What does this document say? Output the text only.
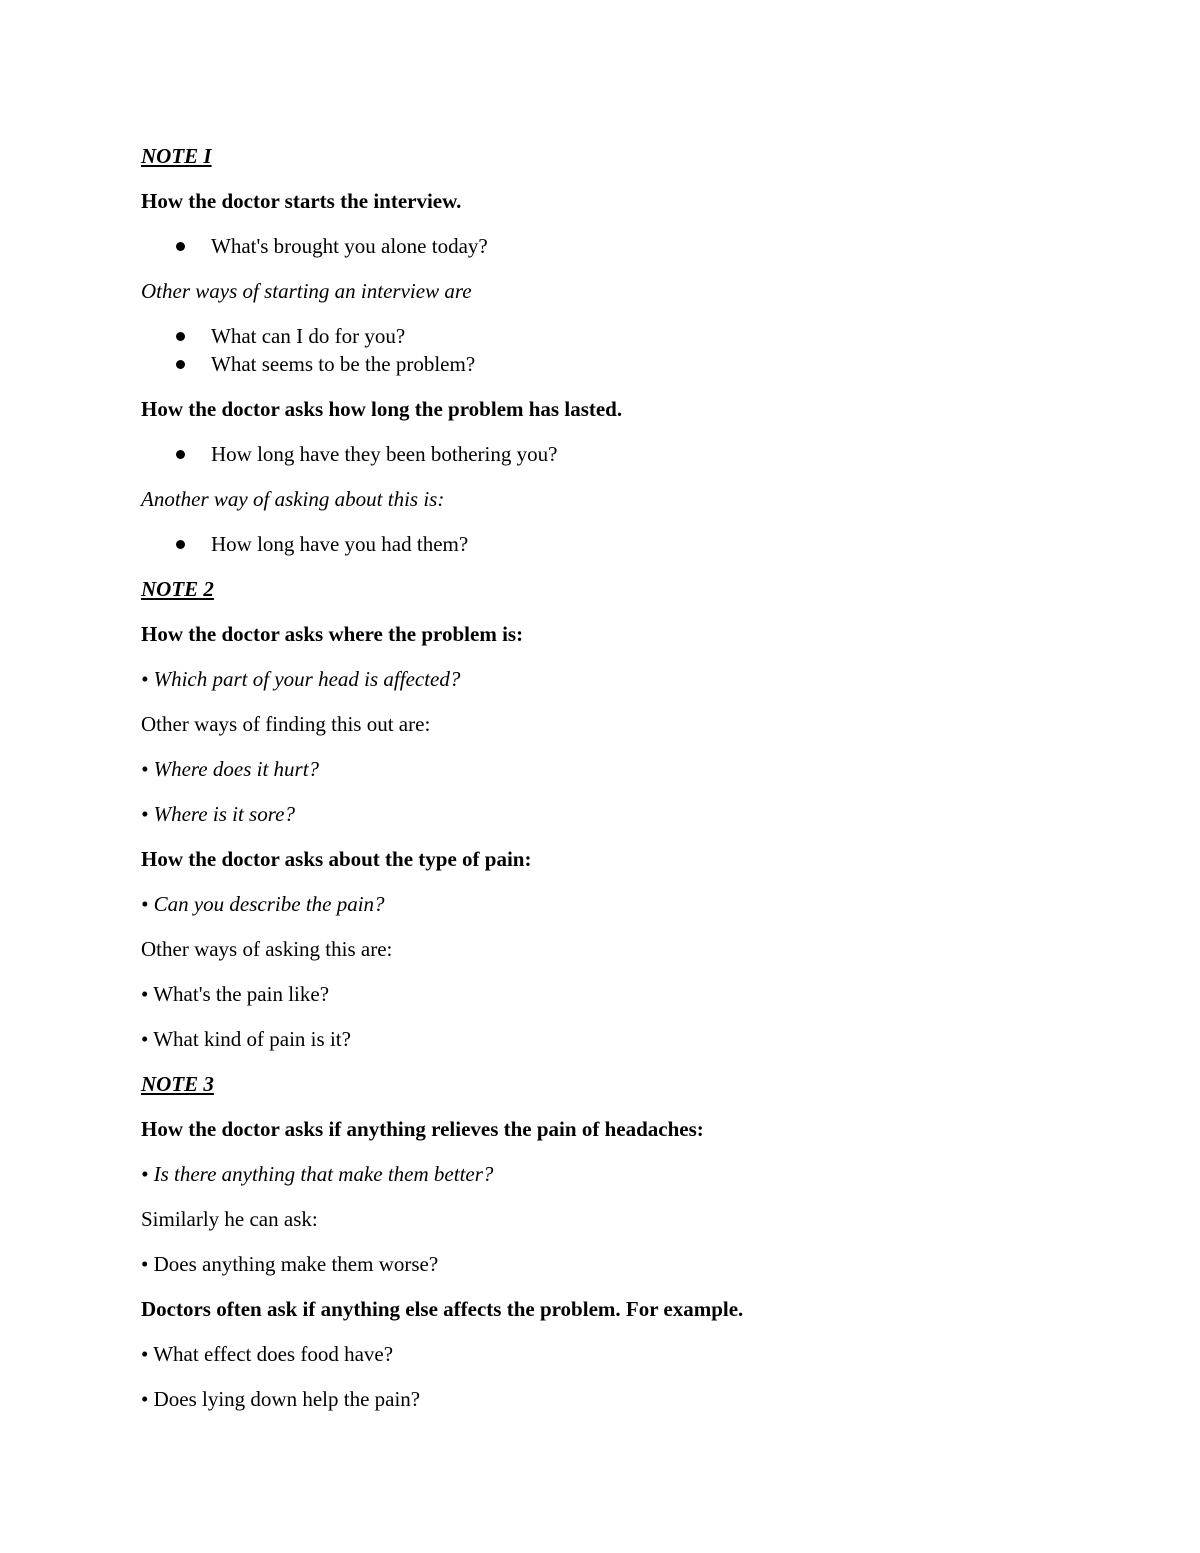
NOTE I

How the doctor starts the interview.

What's brought you alone today?

Other ways of starting an interview are

What can I do for you?
What seems to be the problem?

How the doctor asks how long the problem has lasted.

How long have they been bothering you?

Another way of asking about this is:

How long have you had them?

NOTE 2

How the doctor asks where the problem is:

• Which part of your head is affected?

Other ways of finding this out are:

• Where does it hurt?

• Where is it sore?

How the doctor asks about the type of pain:

• Can you describe the pain?

Other ways of asking this are:

• What's the pain like?

• What kind of pain is it?

NOTE 3

How the doctor asks if anything relieves the pain of headaches:

• Is there anything that make them better?

Similarly he can ask:

• Does anything make them worse?

Doctors often ask if anything else affects the problem. For example.

• What effect does food have?

• Does lying down help the pain?
